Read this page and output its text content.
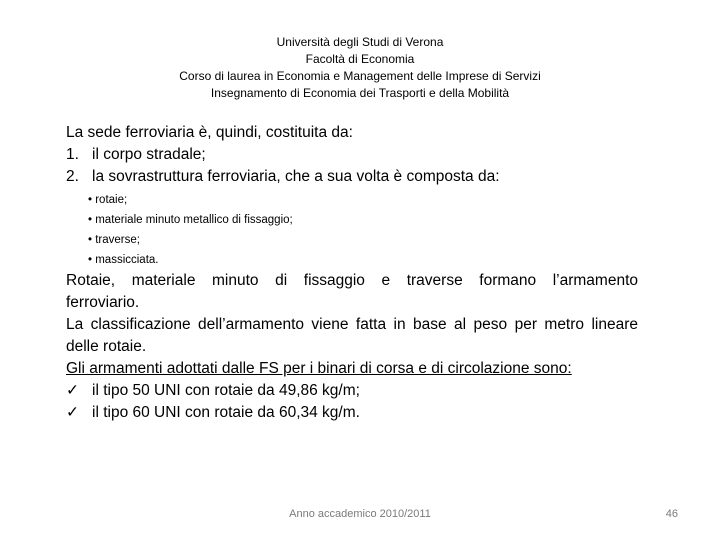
Università degli Studi di Verona
Facoltà di Economia
Corso di laurea in Economia e Management delle Imprese di Servizi
Insegnamento di Economia dei Trasporti e della Mobilità

La sede ferroviaria è, quindi, costituita da:

1. il corpo stradale;

2. la sovrastruttura ferroviaria, che a sua volta è composta da:

• rotaie;
• materiale minuto metallico di fissaggio;
• traverse;
• massicciata.

Rotaie, materiale minuto di fissaggio e traverse formano l’armamento

ferroviario.

La classificazione dell’armamento viene fatta in base al peso per metro lineare delle rotaie.

Gli armamenti adottati dalle FS per i binari di corsa e di circolazione sono:

✓ il tipo 50 UNI con rotaie da 49,86 kg/m;

✓ il tipo 60 UNI con rotaie da 60,34 kg/m.

Anno accademico 2010/2011	46
